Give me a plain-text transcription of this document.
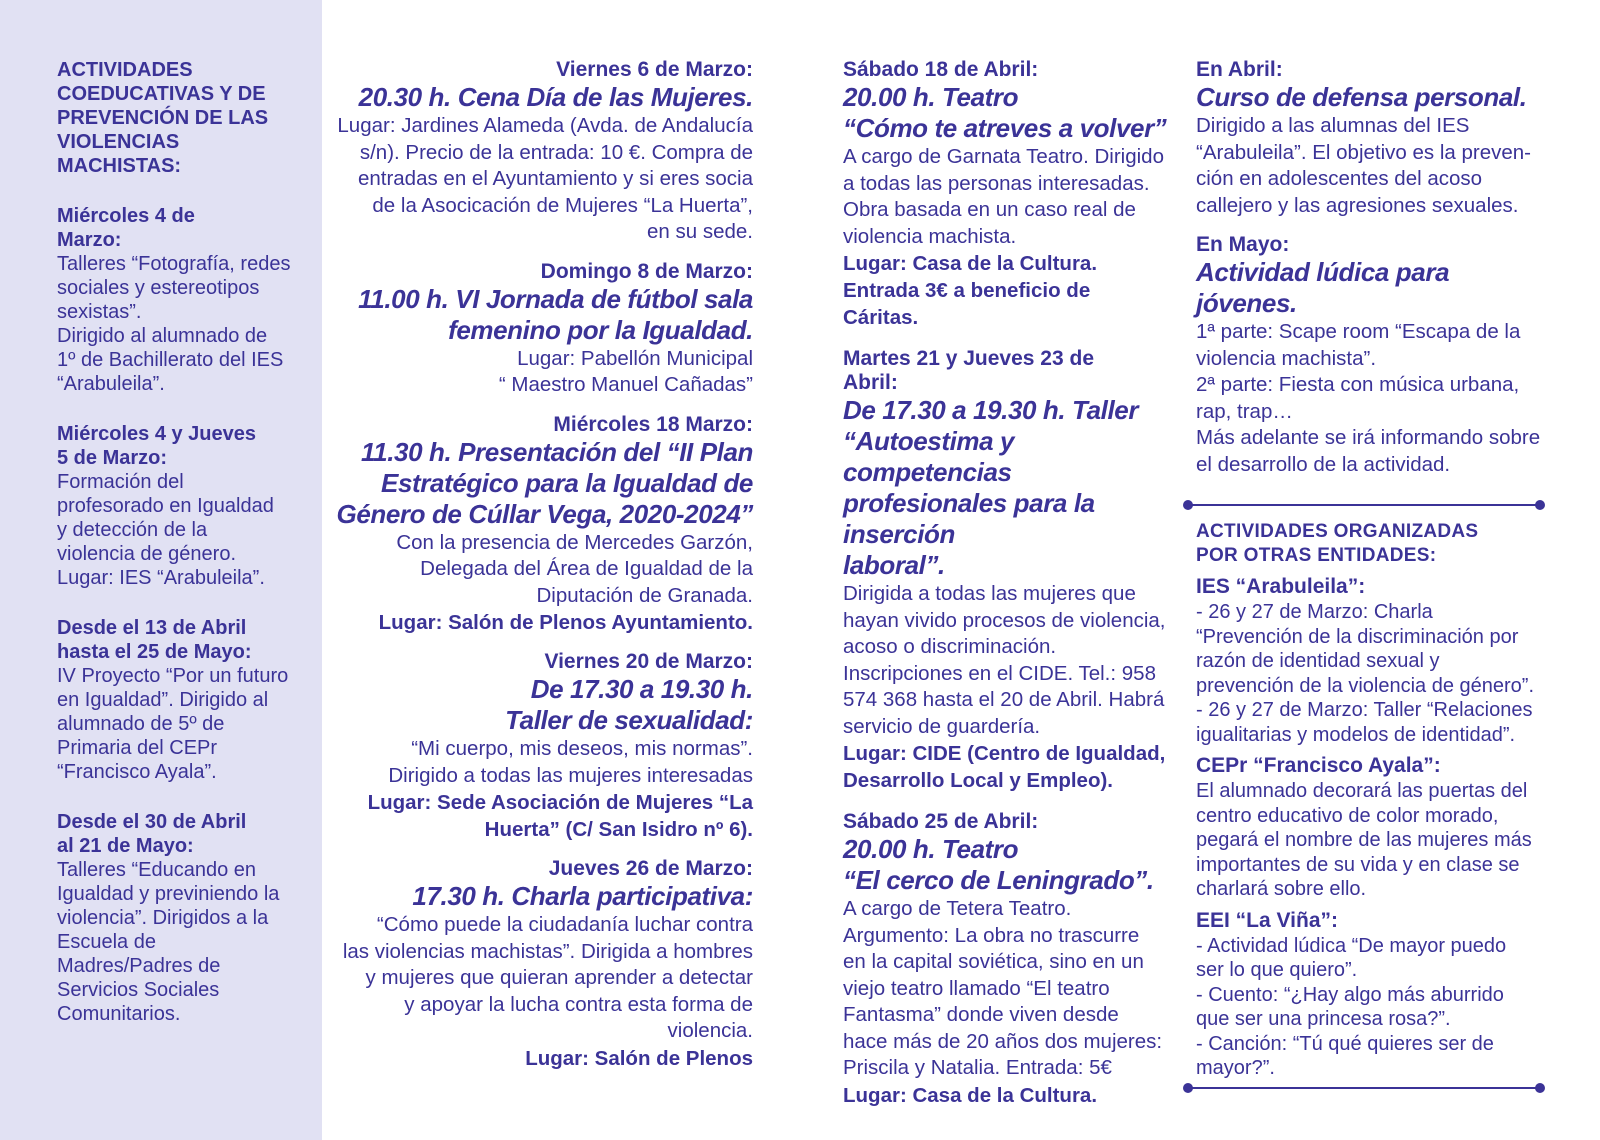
ACTIVIDADES
COEDUCATIVAS Y DE
PREVENCIÓN DE LAS
VIOLENCIAS
MACHISTAS:
Miércoles 4 de
Marzo:
Talleres “Fotografía, redes
sociales y estereotipos
sexistas”.
Dirigido al alumnado de
1º de Bachillerato del IES
“Arabuleila”.
Miércoles 4 y Jueves
5 de Marzo:
Formación del
profesorado en Igualdad
y detección de la
violencia de género.
Lugar: IES “Arabuleila”.
Desde el 13 de Abril
hasta el 25 de Mayo:
IV Proyecto “Por un futuro
en Igualdad”. Dirigido al
alumnado de 5º de
Primaria del CEPr
“Francisco Ayala”.
Desde el 30 de Abril
al 21 de Mayo:
Talleres “Educando en
Igualdad y previniendo la
violencia”. Dirigidos a la
Escuela de
Madres/Padres de
Servicios Sociales
Comunitarios.
Viernes 6 de Marzo:
20.30 h. Cena Día de las Mujeres.
Lugar: Jardines Alameda (Avda. de Andalucía
s/n). Precio de la entrada: 10 €. Compra de
entradas en el Ayuntamiento y si eres socia
de la Asocicación de Mujeres “La Huerta”,
en su sede.
Domingo 8 de Marzo:
11.00 h. VI Jornada de fútbol sala
femenino por la Igualdad.
Lugar: Pabellón Municipal
“ Maestro Manuel Cañadas”
Miércoles 18 Marzo:
11.30 h. Presentación del “II Plan
Estratégico para la Igualdad de
Género de Cúllar Vega, 2020-2024”
Con la presencia de Mercedes Garzón,
Delegada del Área de Igualdad de la
Diputación de Granada.
Lugar: Salón de Plenos Ayuntamiento.
Viernes 20 de Marzo:
De 17.30 a 19.30 h.
Taller de sexualidad:
“Mi cuerpo, mis deseos, mis normas”.
Dirigido a todas las mujeres interesadas
Lugar: Sede Asociación de Mujeres “La
Huerta” (C/ San Isidro nº 6).
Jueves 26 de Marzo:
17.30 h. Charla participativa:
“Cómo puede la ciudadanía luchar contra
las violencias machistas”. Dirigida a hombres
y mujeres que quieran aprender a detectar
y apoyar la lucha contra esta forma de
violencia.
Lugar: Salón de Plenos
Sábado 18 de Abril:
20.00 h. Teatro
“Cómo te atreves a volver”
A cargo de Garnata Teatro. Dirigido
a todas las personas interesadas.
Obra basada en un caso real de
violencia machista.
Lugar: Casa de la Cultura.
Entrada 3€ a beneficio de
Cáritas.
Martes 21 y Jueves 23 de
Abril:
De 17.30 a 19.30 h. Taller
“Autoestima y competencias
profesionales para la inserción
laboral”.
Dirigida a todas las mujeres que
hayan vivido procesos de violencia,
acoso o discriminación.
Inscripciones en el CIDE. Tel.: 958
574 368 hasta el 20 de Abril. Habrá
servicio de guardería.
Lugar: CIDE (Centro de Igualdad,
Desarrollo Local y Empleo).
Sábado 25 de Abril:
20.00 h. Teatro
“El cerco de Leningrado”.
A cargo de Tetera Teatro.
Argumento: La obra no trascurre
en la capital soviética, sino en un
viejo teatro llamado “El teatro
Fantasma” donde viven desde
hace más de 20 años dos mujeres:
Priscila y Natalia. Entrada: 5€
Lugar: Casa de la Cultura.
En Abril:
Curso de defensa personal.
Dirigido a las alumnas del IES
“Arabuleila”. El objetivo es la preven-
ción en adolescentes del acoso
callejero y las agresiones sexuales.
En Mayo:
Actividad lúdica para jóvenes.
1ª parte: Scape room “Escapa de la
violencia machista”.
2ª parte: Fiesta con música urbana,
rap, trap…
Más adelante se irá informando sobre
el desarrollo de la actividad.
ACTIVIDADES ORGANIZADAS
POR OTRAS ENTIDADES:
IES “Arabuleila”:
- 26 y 27 de Marzo: Charla
“Prevención de la discriminación por
razón de identidad sexual y
prevención de la violencia de género”.
- 26 y 27 de Marzo: Taller “Relaciones
igualitarias y modelos de identidad”.
CEPr “Francisco Ayala”:
El alumnado decorará las puertas del
centro educativo de color morado,
pegará el nombre de las mujeres más
importantes de su vida y en clase se
charlará sobre ello.
EEI “La Viña”:
- Actividad lúdica “De mayor puedo
ser lo que quiero”.
- Cuento: “¿Hay algo más aburrido
que ser una princesa rosa?”.
- Canción: “Tú qué quieres ser de
mayor?”.
